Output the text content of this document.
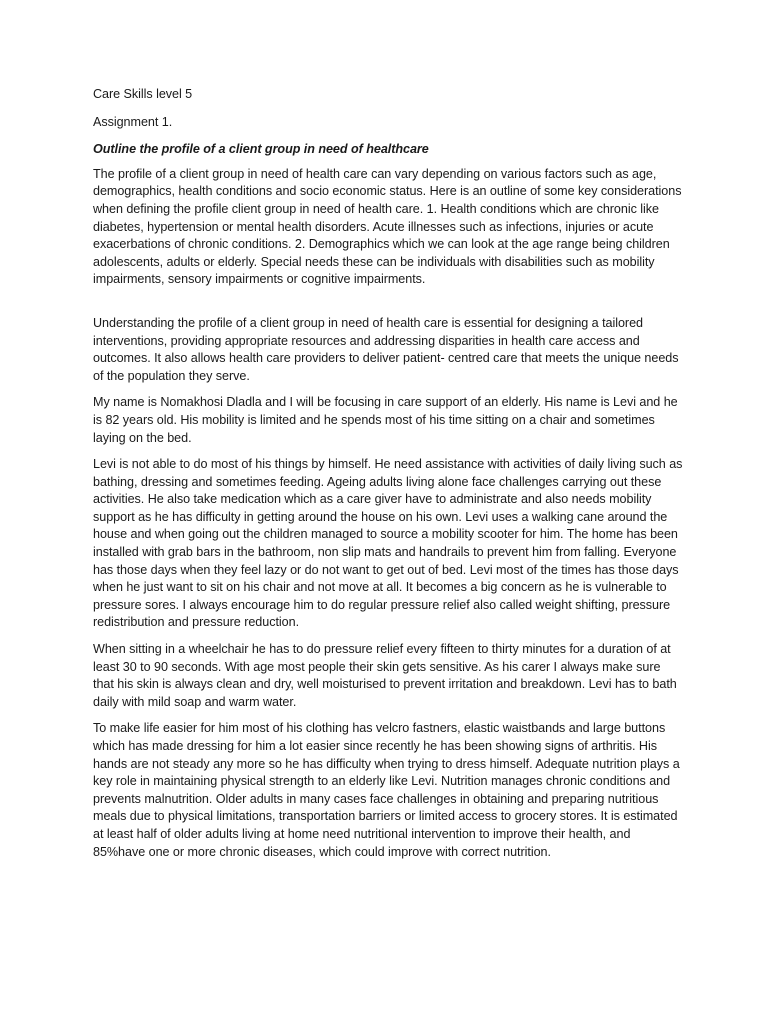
Care Skills level 5

Assignment 1.

Outline the profile of a client group in need of healthcare

The profile of a client group in need of health care can vary depending on various factors such as age, demographics, health conditions and socio economic status. Here is an outline of some key considerations when defining the profile client group in need of health care. 1. Health conditions which are chronic like diabetes, hypertension or mental health disorders. Acute illnesses such as infections, injuries or acute exacerbations of chronic conditions. 2. Demographics which we can look at the age range being children adolescents, adults or elderly. Special needs these can be individuals with disabilities such as mobility impairments, sensory impairments or cognitive impairments.

Understanding the profile of a client group in need of health care is essential for designing a tailored interventions, providing appropriate resources and addressing disparities in health care access and outcomes. It also allows health care providers to deliver patient- centred care that meets the unique needs of the population they serve.

My name is Nomakhosi Dladla and I will be focusing in care support of an elderly. His name is Levi and he is 82 years old. His mobility is limited and he spends most of his time sitting on a chair and sometimes laying on the bed.

Levi is not able to do most of his things by himself. He need assistance with activities of daily living such as bathing, dressing and sometimes feeding. Ageing adults living alone face challenges carrying out these activities. He also take medication which as a care giver have to administrate and also needs mobility support as he has difficulty in getting around the house on his own. Levi uses a walking cane around the house and when going out the children managed to source a mobility scooter for him. The home has been installed with grab bars in the bathroom, non slip mats and handrails to prevent him from falling. Everyone has those days when they feel lazy or do not want to get out of bed. Levi most of the times has those days when he just want to sit on his chair and not move at all. It becomes a big concern as he is vulnerable to pressure sores. I always encourage him to do regular pressure relief also called weight shifting, pressure redistribution and pressure reduction.

When sitting in a wheelchair he has to do pressure relief every fifteen to thirty minutes for a duration of at least 30 to 90 seconds. With age most people their skin gets sensitive. As his carer I always make sure that his skin is always clean and dry, well moisturised to prevent irritation and breakdown. Levi has to bath daily with mild soap and warm water.

To make life easier for him most of his clothing has velcro fastners, elastic waistbands and large buttons which has made dressing for him a lot easier since recently he has been showing signs of arthritis. His hands are not steady any more so he has difficulty when trying to dress himself. Adequate nutrition plays a key role in maintaining physical strength to an elderly like Levi. Nutrition manages chronic conditions and prevents malnutrition. Older adults in many cases face challenges in obtaining and preparing nutritious meals due to physical limitations, transportation barriers or limited access to grocery stores. It is estimated at least half of older adults living at home need nutritional intervention to improve their health, and 85%have one or more chronic diseases, which could improve with correct nutrition.
